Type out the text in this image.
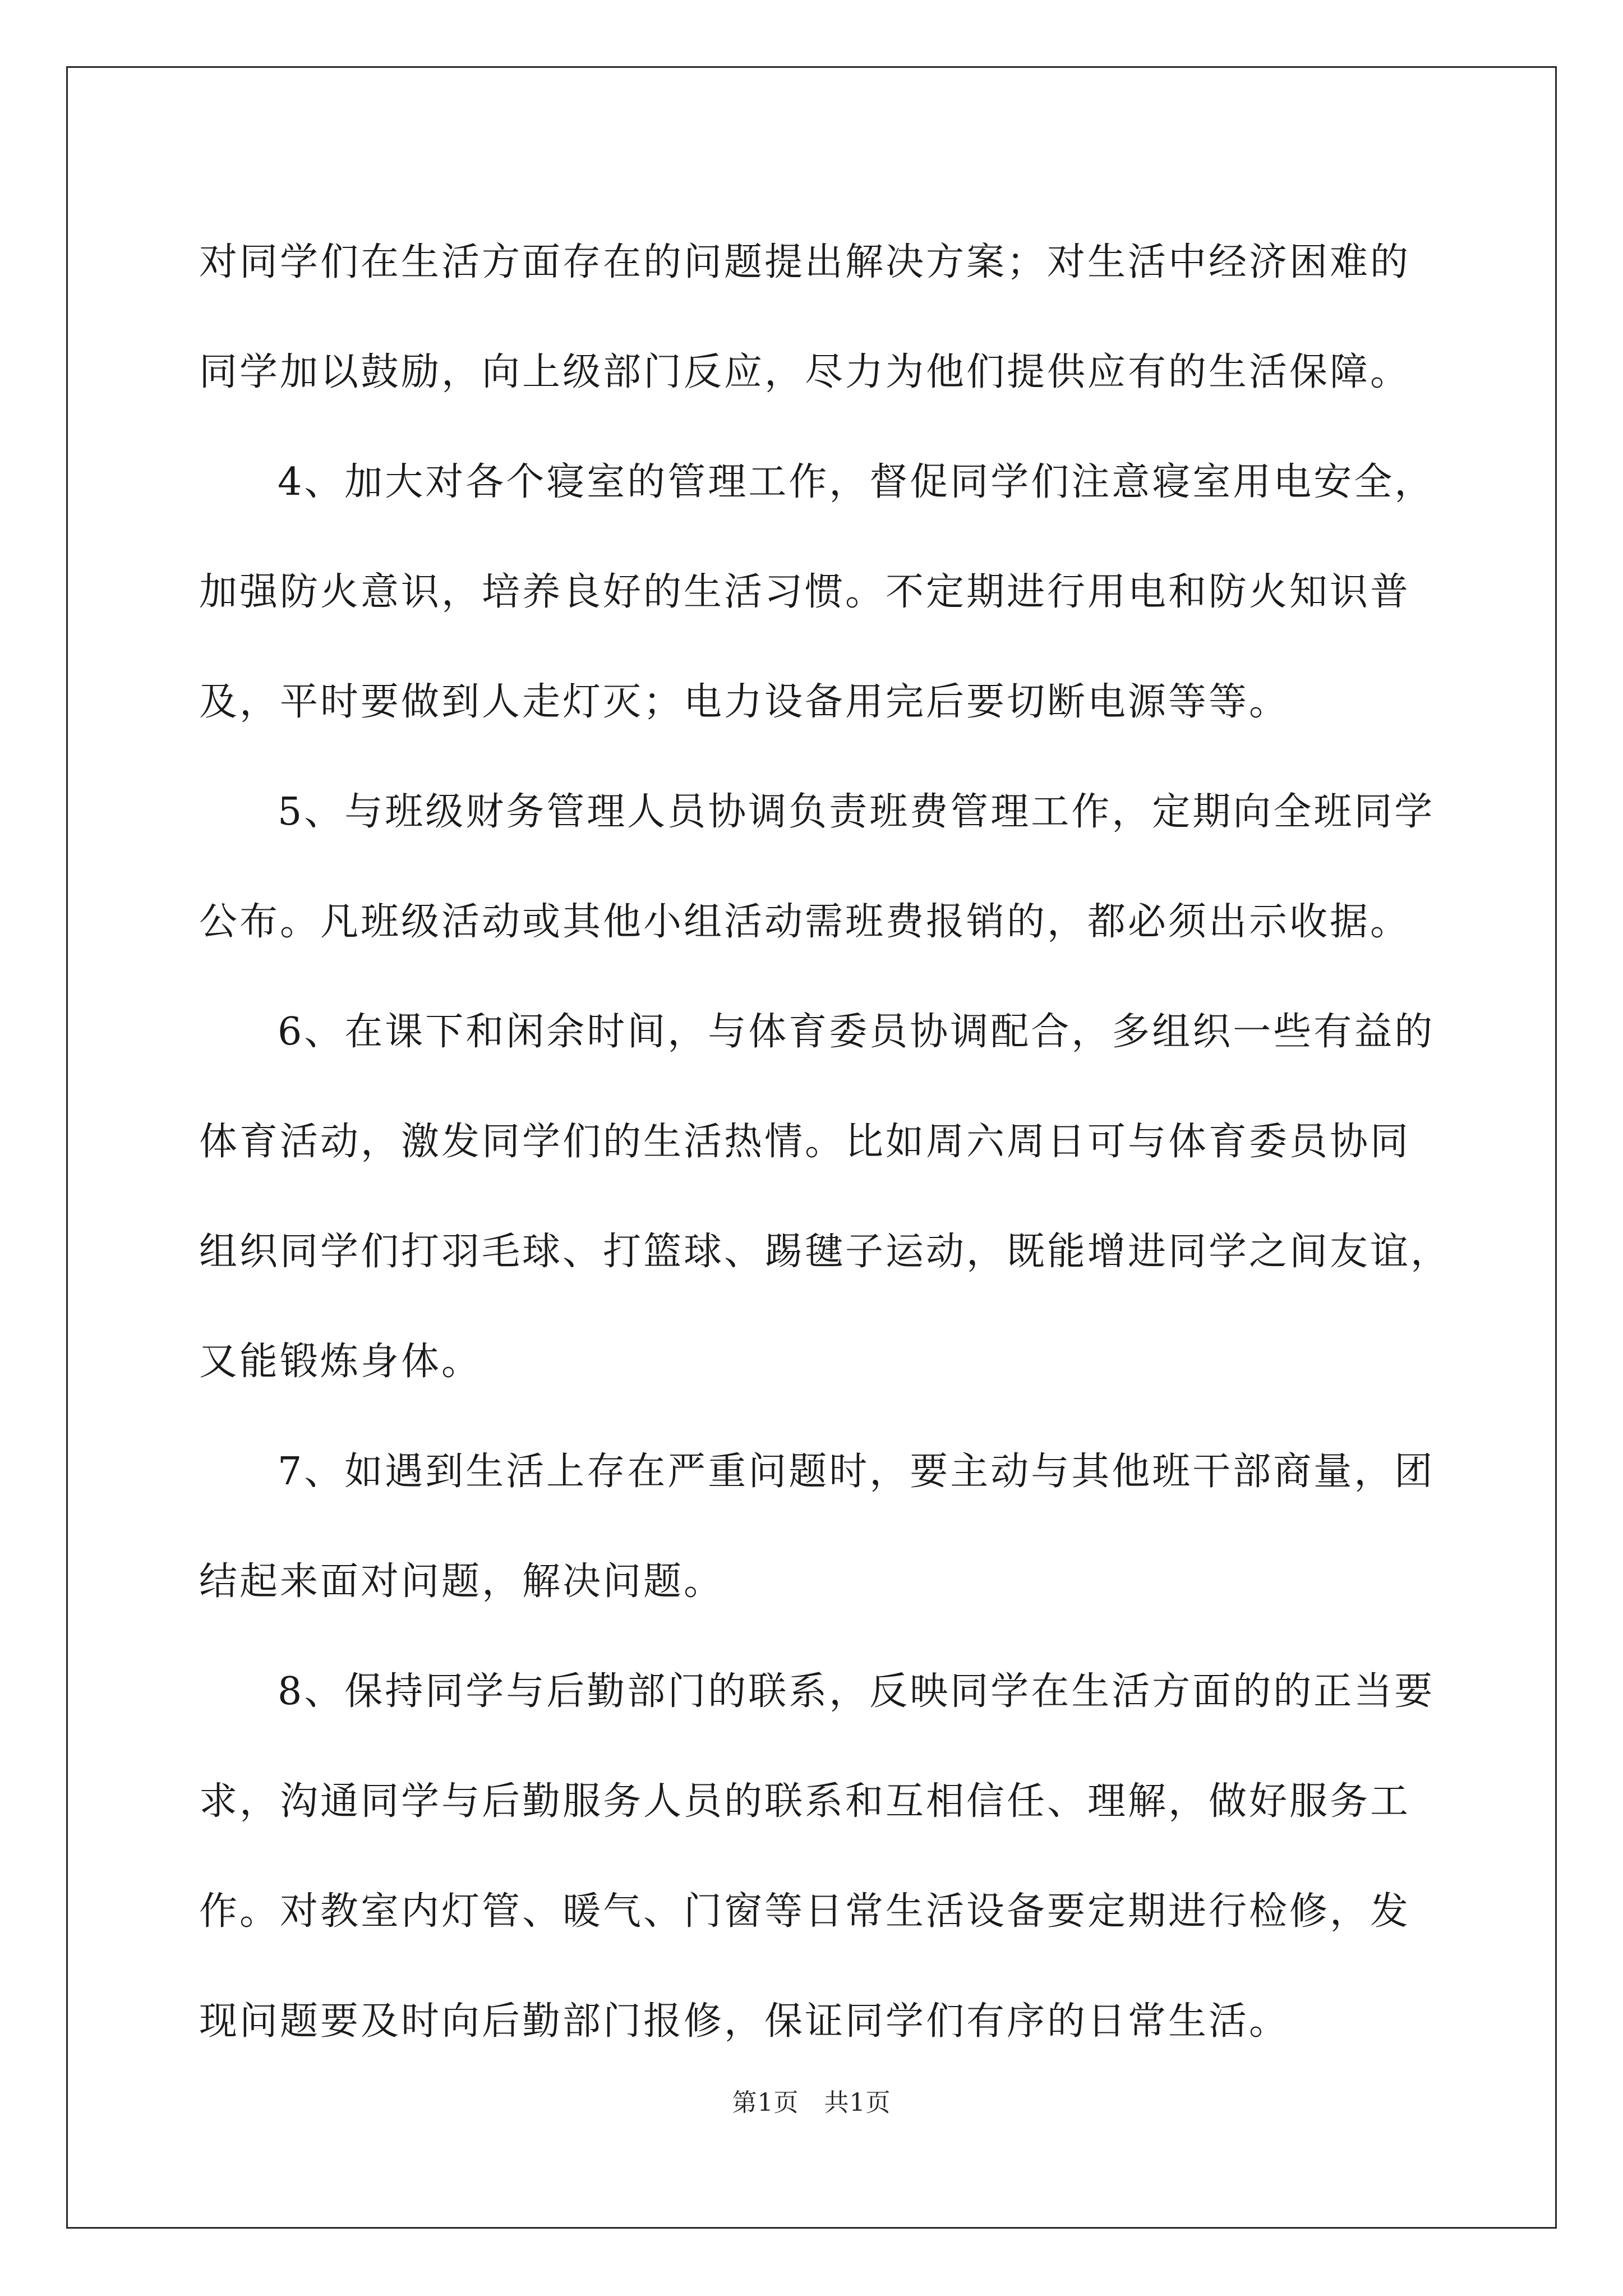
对同学们在生活方面存在的问题提出解决方案；对生活中经济困难的
同学加以鼓励，向上级部门反应，尽力为他们提供应有的生活保障。
4、加大对各个寝室的管理工作，督促同学们注意寝室用电安全，
加强防火意识，培养良好的生活习惯。不定期进行用电和防火知识普
及，平时要做到人走灯灭；电力设备用完后要切断电源等等。
5、与班级财务管理人员协调负责班费管理工作，定期向全班同学
公布。凡班级活动或其他小组活动需班费报销的，都必须出示收据。
6、在课下和闲余时间，与体育委员协调配合，多组织一些有益的
体育活动，激发同学们的生活热情。比如周六周日可与体育委员协同
组织同学们打羽毛球、打篮球、踢毽子运动，既能增进同学之间友谊，
又能锻炼身体。
7、如遇到生活上存在严重问题时，要主动与其他班干部商量，团
结起来面对问题，解决问题。
8、保持同学与后勤部门的联系，反映同学在生活方面的的正当要
求，沟通同学与后勤服务人员的联系和互相信任、理解，做好服务工
作。对教室内灯管、暖气、门窗等日常生活设备要定期进行检修，发
现问题要及时向后勤部门报修，保证同学们有序的日常生活。
第1页　共1页
